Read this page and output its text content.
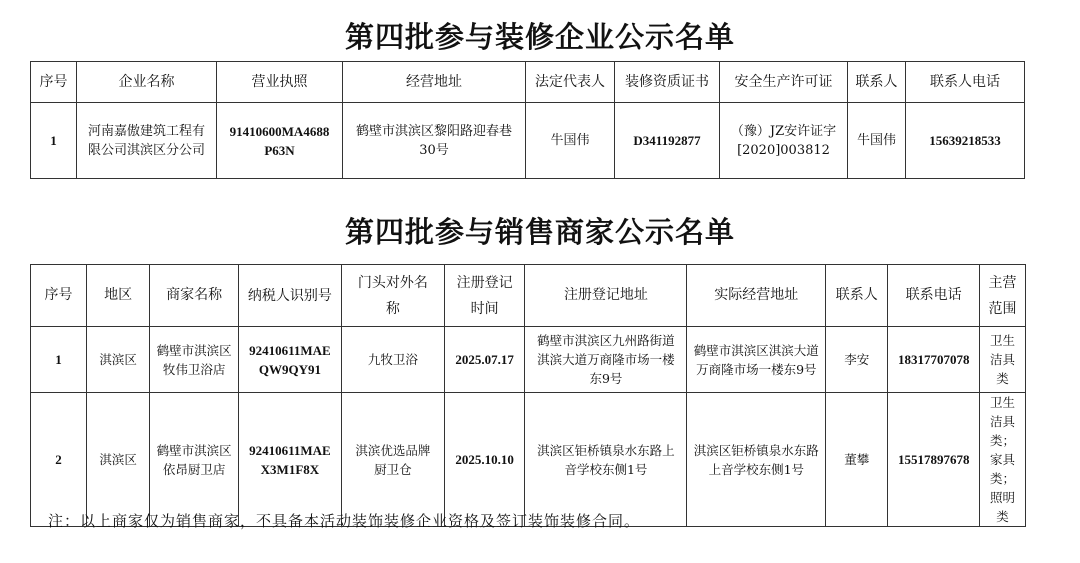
第四批参与装修企业公示名单
序号	企业名称	营业执照	经营地址	法定代表人	装修资质证书	安全生产许可证	联系人	联系人电话
1	河南嘉傲建筑工程有限公司淇滨区分公司	91410600MA4688P63N	鹤壁市淇滨区黎阳路迎春巷30号	牛国伟	D341192877	（豫）JZ安许证字[2020]003812	牛国伟	15639218533
第四批参与销售商家公示名单
序号	地区	商家名称	纳税人识别号	门头对外名称	注册登记时间	注册登记地址	实际经营地址	联系人	联系电话	主营范围
1	淇滨区	鹤壁市淇滨区牧伟卫浴店	92410611MAEQW9QY91	九牧卫浴	2025.07.17	鹤壁市淇滨区九州路街道淇滨大道万商隆市场一楼东9号	鹤壁市淇滨区淇滨大道万商隆市场一楼东9号	李安	18317707078	卫生洁具类
2	淇滨区	鹤壁市淇滨区依昂厨卫店	92410611MAEX3M1F8X	淇滨优选品牌厨卫仓	2025.10.10	淇滨区钜桥镇泉水东路上音学校东侧1号	淇滨区钜桥镇泉水东路上音学校东侧1号	董攀	15517897678	卫生洁具类；家具类；照明类
注：以上商家仅为销售商家，不具备本活动装饰装修企业资格及签订装饰装修合同。
